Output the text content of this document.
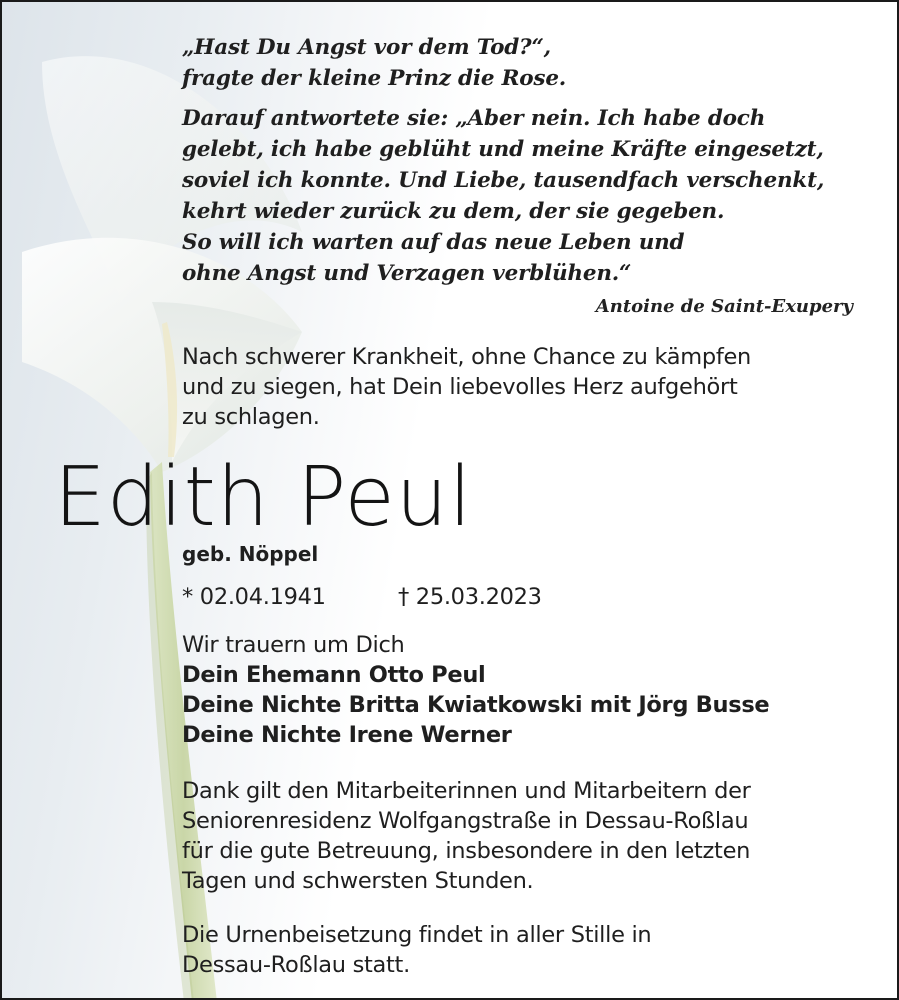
„Hast Du Angst vor dem Tod?“,
fragte der kleine Prinz die Rose.

Darauf antwortete sie: „Aber nein. Ich habe doch
gelebt, ich habe geblüht und meine Kräfte eingesetzt,
soviel ich konnte. Und Liebe, tausendfach verschenkt,
kehrt wieder zurück zu dem, der sie gegeben.
So will ich warten auf das neue Leben und
ohne Angst und Verzagen verblühen.“

Antoine de Saint-Exupery

Nach schwerer Krankheit, ohne Chance zu kämpfen
und zu siegen, hat Dein liebevolles Herz aufgehört
zu schlagen.

Edith Peul
geb. Nöppel
* 02.04.1941	† 25.03.2023
Wir trauern um Dich
Dein Ehemann Otto Peul
Deine Nichte Britta Kwiatkowski mit Jörg Busse
Deine Nichte Irene Werner

Dank gilt den Mitarbeiterinnen und Mitarbeitern der
Seniorenresidenz Wolfgangstraße in Dessau-Roßlau
für die gute Betreuung, insbesondere in den letzten
Tagen und schwersten Stunden.

Die Urnenbeisetzung findet in aller Stille in
Dessau-Roßlau statt.
